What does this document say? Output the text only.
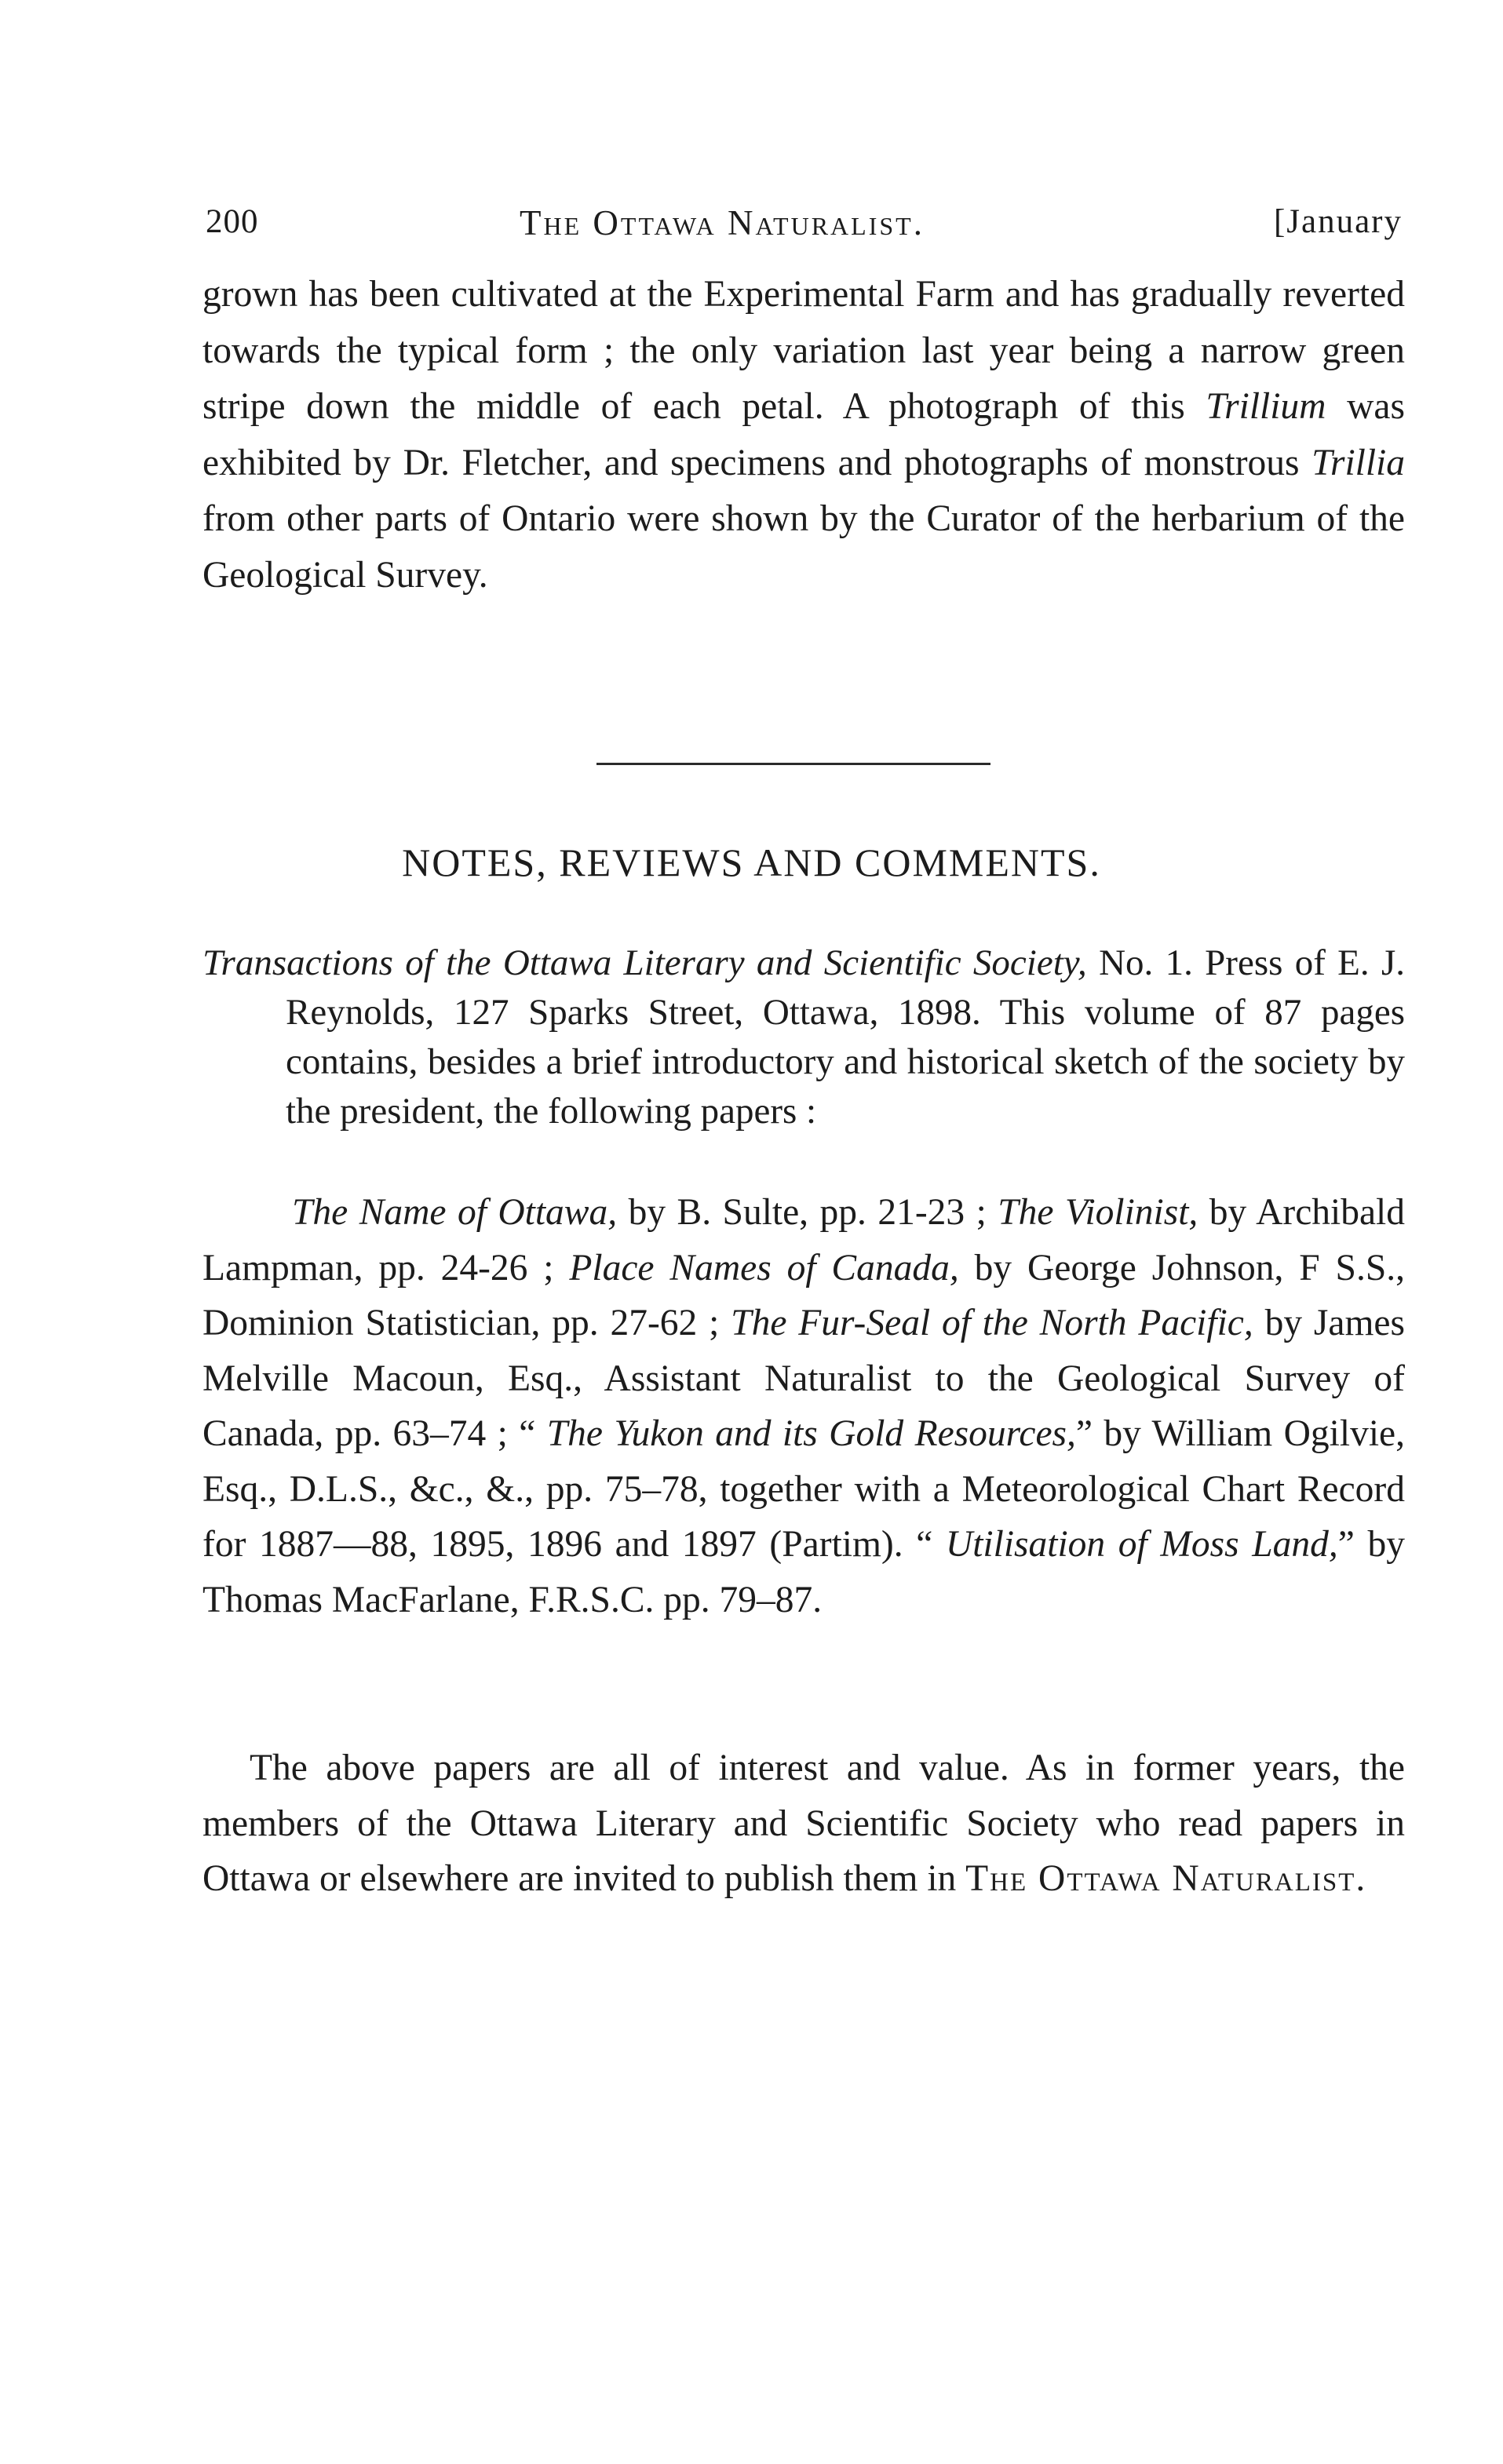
200	The Ottawa Naturalist.	[January

grown has been cultivated at the Experimental Farm and has gradually reverted towards the typical form ; the only variation last year being a narrow green stripe down the middle of each petal. A photograph of this Trillium was exhibited by Dr. Fletcher, and specimens and photographs of monstrous Trillia from other parts of Ontario were shown by the Curator of the herbarium of the Geological Survey.

NOTES, REVIEWS AND COMMENTS.

Transactions of the Ottawa Literary and Scientific Society, No. 1. Press of E. J. Reynolds, 127 Sparks Street, Ottawa, 1898. This volume of 87 pages contains, besides a brief introductory and historical sketch of the society by the president, the following papers :

The Name of Ottawa, by B. Sulte, pp. 21-23 ; The Violinist, by Archibald Lampman, pp. 24-26 ; Place Names of Canada, by George Johnson, F S.S., Dominion Statistician, pp. 27-62 ; The Fur-Seal of the North Pacific, by James Melville Macoun, Esq., Assistant Naturalist to the Geological Survey of Canada, pp. 63–74 ; “ The Yukon and its Gold Resources,” by William Ogilvie, Esq., D.L.S., &c., &., pp. 75–78, together with a Meteorological Chart Record for 1887—88, 1895, 1896 and 1897 (Partim). “ Utilisation of Moss Land,” by Thomas MacFarlane, F.R.S.C. pp. 79–87.

The above papers are all of interest and value. As in former years, the members of the Ottawa Literary and Scientific Society who read papers in Ottawa or elsewhere are invited to publish them in The Ottawa Naturalist.
